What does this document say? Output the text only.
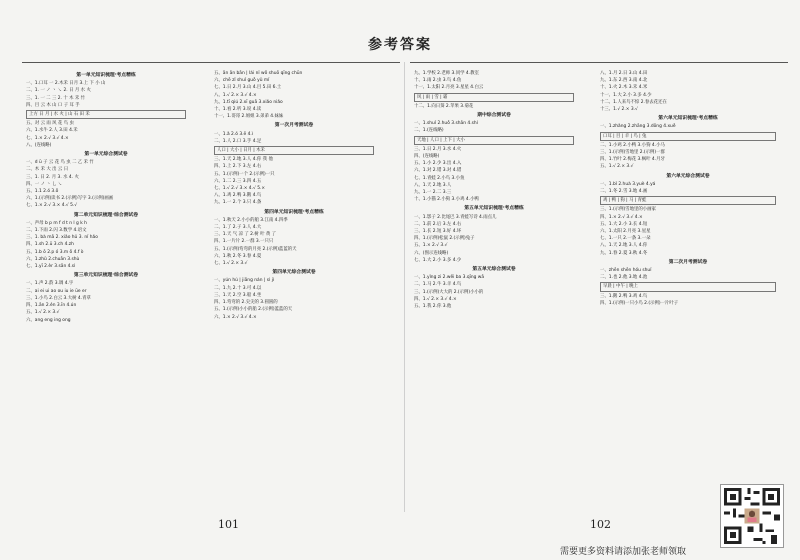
参考答案
第一单元知识梳理·考点精练
一、1.口耳 一 2.木禾 日月 3.上 下 小 山
二、1. 一 ノ 丶 ㇏ 2. 日 月 水 火
三、1. 一 二 三 2. 十 木 禾 竹
四、目 云 木 山 口 子 耳 手
上方 日 月 | 水 火 | 山 石 田 禾
五、对 云 雨 风 花 鸟 虫
六、1.水牛 2.人 3.田 4.禾
七、1.× 2.√ 3.√ 4.×
八、(连线略)
第一单元综合测试卷
一、d ü 子 云 花 鸟 虫 二 乙 禾 竹
二、木 禾 大 出 云 日
三、1. 日 2. 月 3. 水 4. 火
四、一 ノ 丶 乚 ㇏
五、1.1 2.ó 3.ǒ
六、1.(示例)读书 2.(示例)写字 3.(示例)画画
七、1.× 2.√ 3.× 4.√ 5.√
第二单元知识梳理·综合测试卷
一、声母 b p m f d t n l g k h
二、1.下雨 2.闪 3.数学 4.语文
三、1. bà mā 2. xiǎo hǔ 3. nǐ hǎo
四、1.sh 2.ü 3.ch 4.zh
五、1.b ō 2.p ó 3.m ǒ 4.f ò
六、1.zhǔ 2.chuān 3.shù
七、1.yī 2.èr 3.sān 4.sì
第三单元知识梳理·综合测试卷
一、1.声 2.韵 3.调 4.字
二、ai ei ui ao ou iu ie üe er
三、1.小鸟 2.白云 3.大树 4.青草
四、1.ān 2.én 3.īn 4.ún
五、1.√ 2.× 3.√
六、ang eng ing ong
五、ān ān bān | lái nǐ wǒ shuō qīng chūn
六、chē zǐ shuǐ guǒ yǔ mǐ
七、1.日 2.月 3.山 4.目 5.田 6.土
八、1.√ 2.× 3.√ 4.×
九、1.tī qiú 2.xī guā 3.xiǎo niǎo
十、1.看 2.听 3.说 4.读
十一、1.哥哥 2.姐姐 3.弟弟 4.妹妹
第一次月考测试卷
一、1.ǎ 2.ó 3.ē 4.ì
二、1.人 2.口 3.手 4.足
人口 | 大小 | 日月 | 木禾
三、1.天 2.地 3.人 4.你 我 他
四、1.上 2.下 3.左 4.右
五、1.(示例)一个 2.(示例)一只
六、1.二 2.三 3.四 4.五
七、1.√ 2.√ 3.× 4.√ 5.×
八、1.鸡 2.鸭 3.鹅 4.鸟
九、1.一 2.个 3.只 4.条
第四单元知识梳理·考点精练
一、1.秋天 2.小小的船 3.江南 4.四季
二、1.了 2.子 3.人 4.大
三、1.天 气 凉 了 2.树 叶 黄 了
四、1.一片片 2.一群 3.一只只
五、1.(示例)弯弯的月亮 2.(示例)蓝蓝的天
六、1.秋 2.冬 3.春 4.夏
七、1.√ 2.× 3.√
第四单元综合测试卷
一、yún hú | jiāng nán | sì jì
二、1.九 2.十 3.可 4.以
三、1.天 2.空 3.船 4.坐
四、1.弯弯的 2.尖尖的 3.圆圆的
五、1.(示例)小小的船 2.(示例)蓝蓝的天
六、1.× 2.√ 3.√ 4.×
九、1.学校 2.老师 3.同学 4.教室
十、1.雨 2.虫 3.鸟 4.鱼
十一、1.太阳 2.月亮 3.星星 4.白云
风 | 雨 | 雪 | 霜
十二、1.向日葵 2.苹果 3.菊花
期中综合测试卷
一、1.shuǐ 2.huǒ 3.shān 4.shí
二、1.(连线略)
天地 | 人口 | 上下 | 大小
三、1.日 2.月 3.水 4.火
四、(连线略)
五、1.小 2.少 3.出 4.入
六、1.对 2.错 3.对 4.错
七、1.青蛙 2.小鸟 3.小鱼
八、1.天 2.地 3.人
九、1.一 2.二 3.三
十、1.小猫 2.小狗 3.小鸡 4.小鸭
第五单元知识梳理·考点精练
一、1.影子 2.比尾巴 3.青蛙写诗 4.雨点儿
二、1.前 2.后 3.左 4.右
三、1.长 2.短 3.好 4.坏
四、1.(示例)松鼠 2.(示例)兔子
五、1.× 2.√ 3.√
六、(图示连线略)
七、1.大 2.小 3.多 4.少
第五单元综合测试卷
一、1.yǐng zi 2.wěi ba 3.qīng wā
二、1.马 2.牛 3.羊 4.鸟
三、1.(示例)大大的 2.(示例)小小的
四、1.√ 2.× 3.√ 4.×
五、1.我 2.你 3.他
八、1.月 2.日 3.山 4.田
九、1.东 2.西 3.南 4.北
十、1.火 2.木 3.禾 4.米
十一、1.大 2.小 3.多 4.少
十二、1.人来鸟不惊 2.春去花还在
十三、1.√ 2.× 3.√
第六单元知识梳理·考点精练
一、1.zhǎng 2.zhāng 3.dōng 4.xuě
口耳 | 目 | 羊 | 鸟 | 兔
二、1.小鸡 2.小鸭 3.小狗 4.小马
三、1.(示例)雪地里 2.(示例)一群
四、1.竹叶 2.梅花 3.枫叶 4.月牙
五、1.√ 2.× 3.√
第六单元综合测试卷
一、1.bǐ 2.huà 3.yuè 4.yá
二、1.冬 2.雪 3.地 4.画
鸡 | 鸭 | 狗 | 马 | 青蛙
三、1.(示例)雪地里的小画家
四、1.× 2.√ 3.√ 4.×
五、1.大 2.小 3.长 4.短
六、1.太阳 2.月亮 3.星星
七、1.一只 2.一条 3.一朵
八、1.天 2.地 3.人 4.你
九、1.春 2.夏 3.秋 4.冬
第二次月考测试卷
一、zhēn shēn hóu shuǐ
二、1.也 2.他 3.地 4.池
早晨 | 中午 | 晚上
三、1.鹅 2.鸭 3.鸡 4.鸟
四、1.(示例)一只小鸟 2.(示例)一片叶子
101	102
需要更多资料请添加张老师领取
